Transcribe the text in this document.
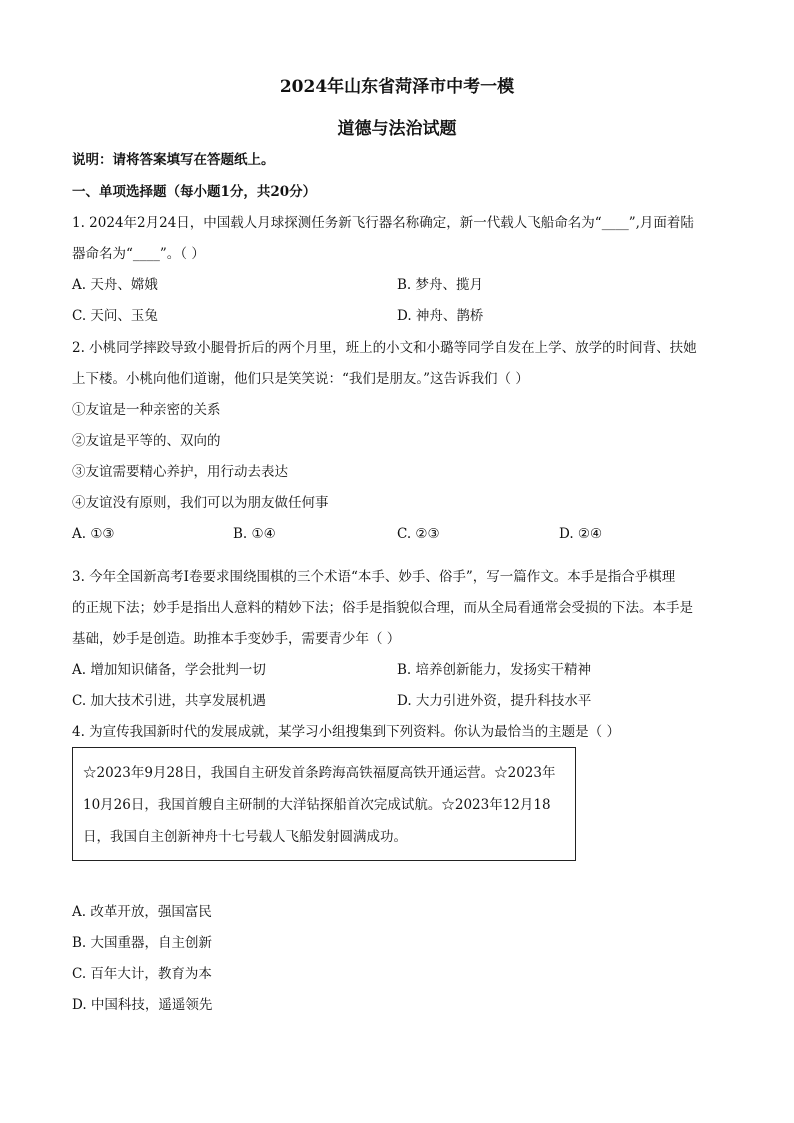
2024年山东省菏泽市中考一模
道德与法治试题
说明：请将答案填写在答题纸上。
一、单项选择题（每小题1分，共20分）
1. 2024年2月24日，中国载人月球探测任务新飞行器名称确定，新一代载人飞船命名为“____”,月面着陆
器命名为“____”。（ ）
A. 天舟、嫦娥	B. 梦舟、揽月
C. 天问、玉兔	D. 神舟、鹊桥
2. 小桃同学摔跤导致小腿骨折后的两个月里，班上的小文和小璐等同学自发在上学、放学的时间背、扶她
上下楼。小桃向他们道谢，他们只是笑笑说：“我们是朋友。”这告诉我们（ ）
①友谊是一种亲密的关系
②友谊是平等的、双向的
③友谊需要精心养护，用行动去表达
④友谊没有原则，我们可以为朋友做任何事
A. ①③	B. ①④	C. ②③	D. ②④
3. 今年全国新高考Ⅰ卷要求围绕围棋的三个术语“本手、妙手、俗手”，写一篇作文。本手是指合乎棋理
的正规下法；妙手是指出人意料的精妙下法；俗手是指貌似合理，而从全局看通常会受损的下法。本手是
基础，妙手是创造。助推本手变妙手，需要青少年（ ）
A. 增加知识储备，学会批判一切	B. 培养创新能力，发扬实干精神
C. 加大技术引进，共享发展机遇	D. 大力引进外资，提升科技水平
4. 为宣传我国新时代的发展成就，某学习小组搜集到下列资料。你认为最恰当的主题是（ ）
☆2023年9月28日，我国自主研发首条跨海高铁福厦高铁开通运营。☆2023年
10月26日，我国首艘自主研制的大洋钻探船首次完成试航。☆2023年12月18
日，我国自主创新神舟十七号载人飞船发射圆满成功。
A. 改革开放，强国富民
B. 大国重器，自主创新
C. 百年大计，教育为本
D. 中国科技，遥遥领先
